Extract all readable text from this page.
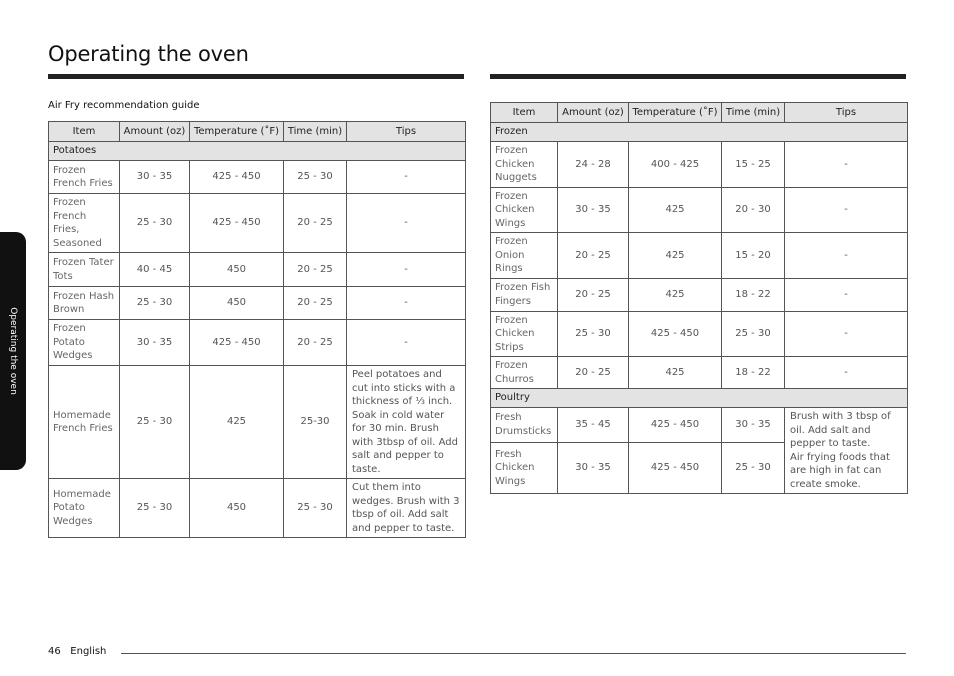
Operating the oven
Operating the oven
Air Fry recommendation guide
Item	Amount (oz)	Temperature (˚F)	Time (min)	Tips
Potatoes				
Frozen French Fries	30 - 35	425 - 450	25 - 30	-
Frozen French Fries, Seasoned	25 - 30	425 - 450	20 - 25	-
Frozen Tater Tots	40 - 45	450	20 - 25	-
Frozen Hash Brown	25 - 30	450	20 - 25	-
Frozen Potato Wedges	30 - 35	425 - 450	20 - 25	-
Homemade French Fries	25 - 30	425	25-30	Peel potatoes and cut into sticks with a thickness of ⅓ inch. Soak in cold water for 30 min. Brush with 3tbsp of oil. Add salt and pepper to taste.
Homemade Potato Wedges	25 - 30	450	25 - 30	Cut them into wedges. Brush with 3 tbsp of oil. Add salt and pepper to taste.
Item	Amount (oz)	Temperature (˚F)	Time (min)	Tips
Frozen				
Frozen Chicken Nuggets	24 - 28	400 - 425	15 - 25	-
Frozen Chicken Wings	30 - 35	425	20 - 30	-
Frozen Onion Rings	20 - 25	425	15 - 20	-
Frozen Fish Fingers	20 - 25	425	18 - 22	-
Frozen Chicken Strips	25 - 30	425 - 450	25 - 30	-
Frozen Churros	20 - 25	425	18 - 22	-
Poultry				
Fresh Drumsticks	35 - 45	425 - 450	30 - 35	Brush with 3 tbsp of oil. Add salt and pepper to taste.
Air frying foods that are high in fat can create smoke.

Fresh Chicken Wings	30 - 35	425 - 450	25 - 30	
46 English
